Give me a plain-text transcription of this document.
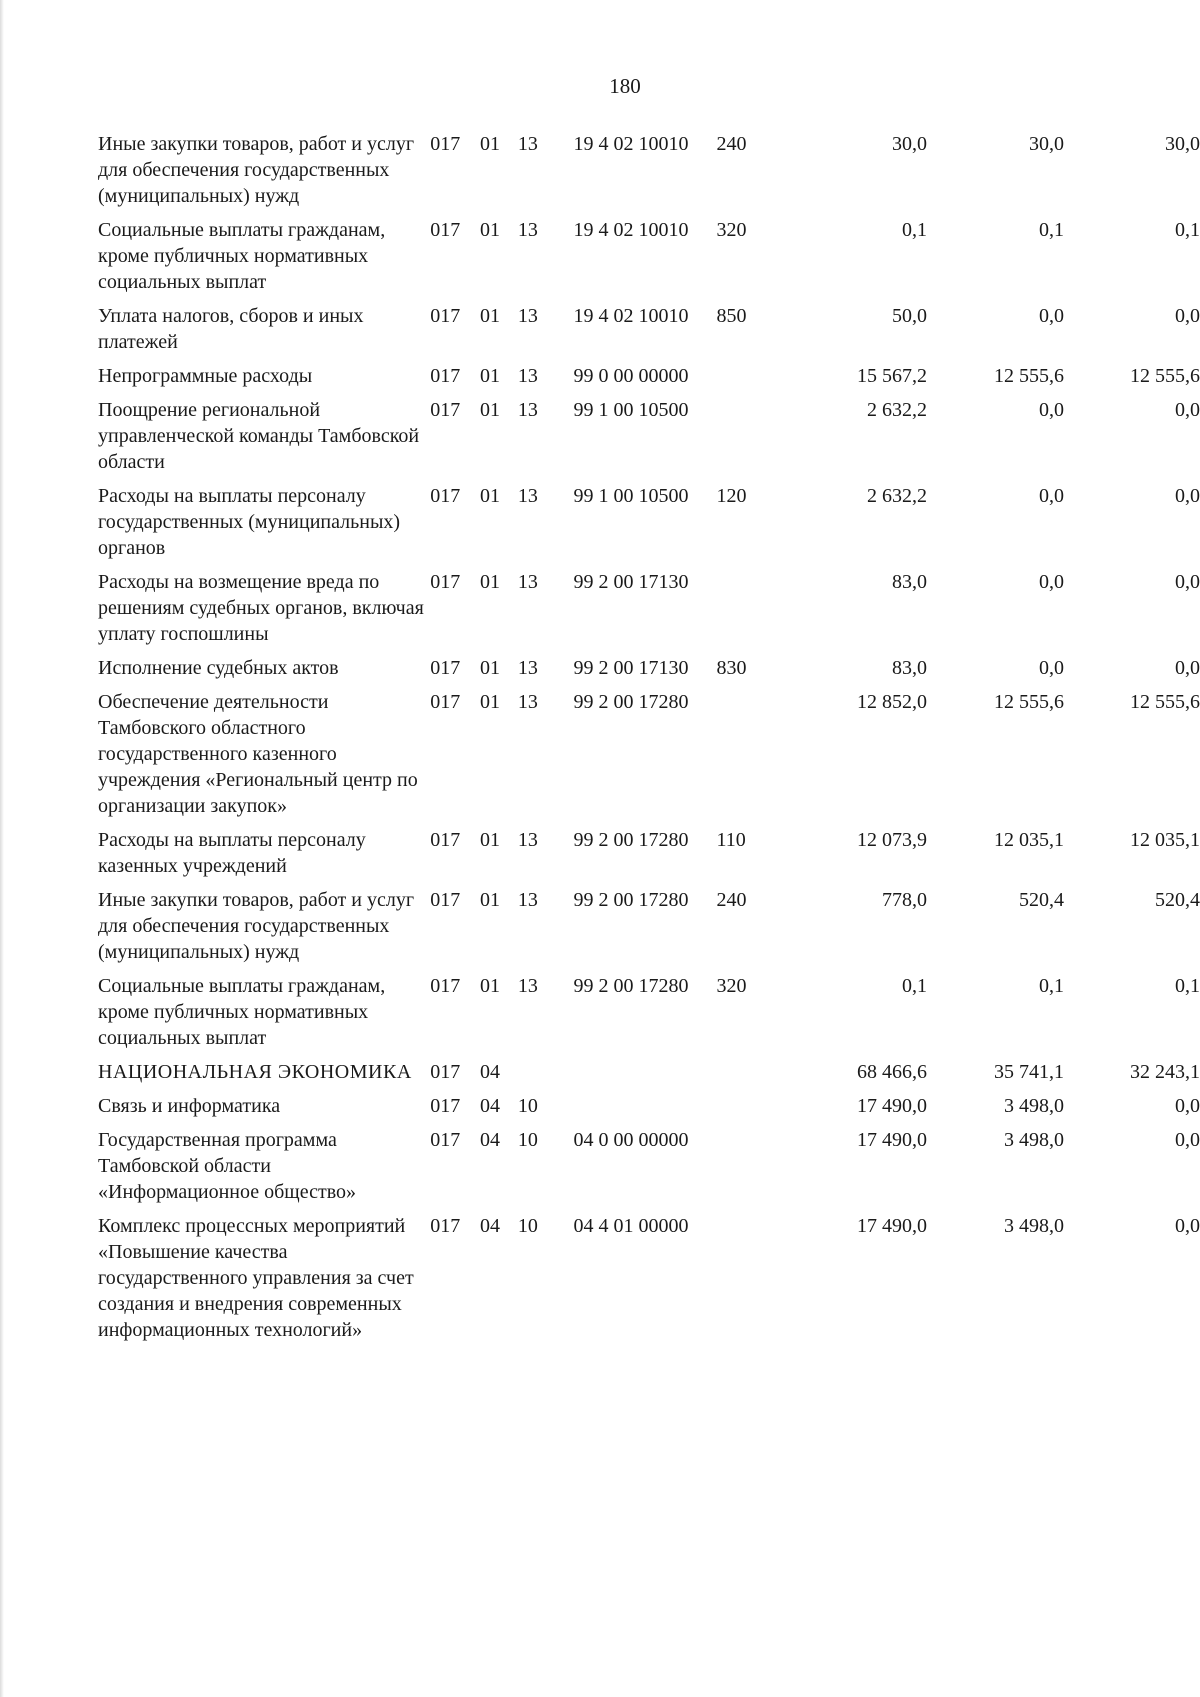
180
Иные закупки товаров, работ и услуг для обеспечения государственных (муниципальных) нужд	017	01	13	19 4 02 10010	240	30,0	30,0	30,0
Социальные выплаты гражданам, кроме публичных нормативных социальных выплат	017	01	13	19 4 02 10010	320	0,1	0,1	0,1
Уплата налогов, сборов и иных платежей	017	01	13	19 4 02 10010	850	50,0	0,0	0,0
Непрограммные расходы	017	01	13	99 0 00 00000		15 567,2	12 555,6	12 555,6
Поощрение региональной управленческой команды Тамбовской области	017	01	13	99 1 00 10500		2 632,2	0,0	0,0
Расходы на выплаты персоналу государственных (муниципальных) органов	017	01	13	99 1 00 10500	120	2 632,2	0,0	0,0
Расходы на возмещение вреда по решениям судебных органов, включая уплату госпошлины	017	01	13	99 2 00 17130		83,0	0,0	0,0
Исполнение судебных актов	017	01	13	99 2 00 17130	830	83,0	0,0	0,0
Обеспечение деятельности Тамбовского областного государственного казенного учреждения «Региональный центр по организации закупок»	017	01	13	99 2 00 17280		12 852,0	12 555,6	12 555,6
Расходы на выплаты персоналу казенных учреждений	017	01	13	99 2 00 17280	110	12 073,9	12 035,1	12 035,1
Иные закупки товаров, работ и услуг для обеспечения государственных (муниципальных) нужд	017	01	13	99 2 00 17280	240	778,0	520,4	520,4
Социальные выплаты гражданам, кроме публичных нормативных социальных выплат	017	01	13	99 2 00 17280	320	0,1	0,1	0,1
НАЦИОНАЛЬНАЯ ЭКОНОМИКА	017	04				68 466,6	35 741,1	32 243,1
Связь и информатика	017	04	10			17 490,0	3 498,0	0,0
Государственная программа Тамбовской области «Информационное общество»	017	04	10	04 0 00 00000		17 490,0	3 498,0	0,0
Комплекс процессных мероприятий «Повышение качества государственного управления за счет создания и внедрения современных информационных технологий»	017	04	10	04 4 01 00000		17 490,0	3 498,0	0,0
